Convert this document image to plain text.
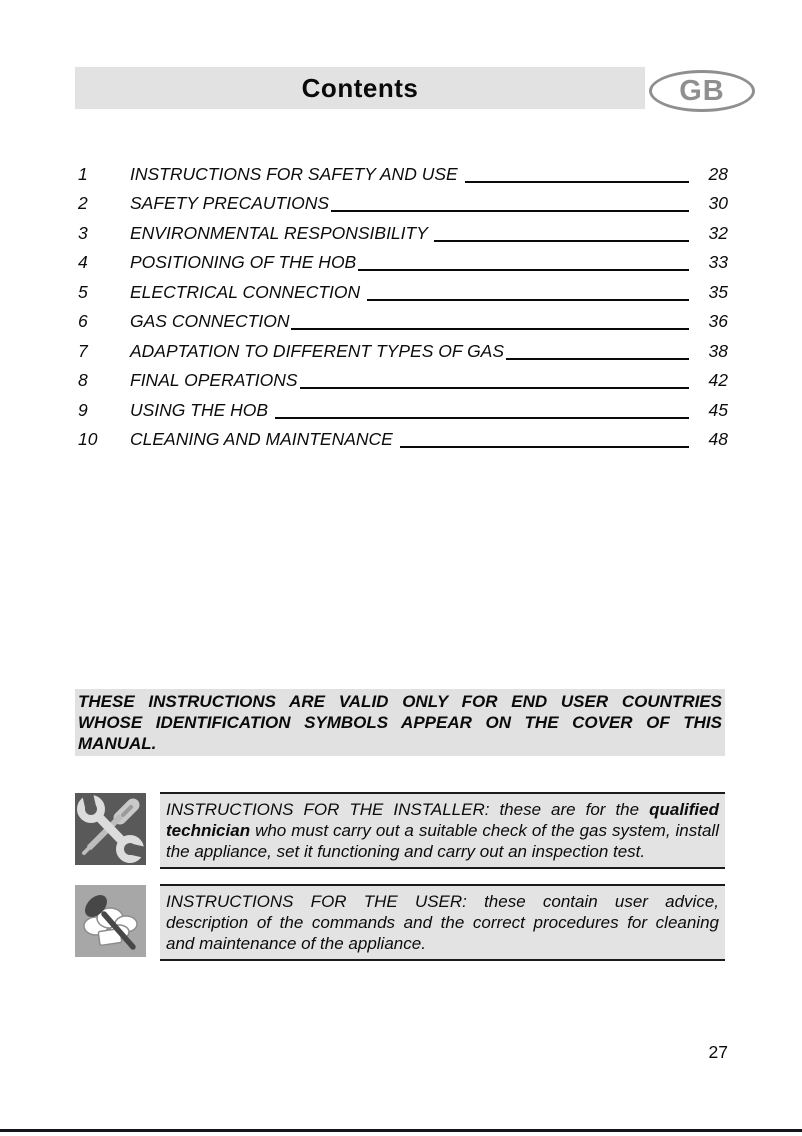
Contents	GB
1	INSTRUCTIONS FOR SAFETY AND USE	28
2	SAFETY PRECAUTIONS	30
3	ENVIRONMENTAL RESPONSIBILITY	32
4	POSITIONING OF THE HOB	33
5	ELECTRICAL CONNECTION	35
6	GAS CONNECTION	36
7	ADAPTATION TO DIFFERENT TYPES OF GAS	38
8	FINAL OPERATIONS	42
9	USING THE HOB	45
10	CLEANING AND MAINTENANCE	48
THESE INSTRUCTIONS ARE VALID ONLY FOR END USER COUNTRIES
WHOSE IDENTIFICATION SYMBOLS APPEAR ON THE COVER OF THIS
MANUAL.
INSTRUCTIONS FOR THE INSTALLER: these are for the qualified
technician who must carry out a suitable check of the gas system, install
the appliance, set it functioning and carry out an inspection test.
INSTRUCTIONS FOR THE USER: these contain user advice,
description of the commands and the correct procedures for cleaning
and maintenance of the appliance.
27
